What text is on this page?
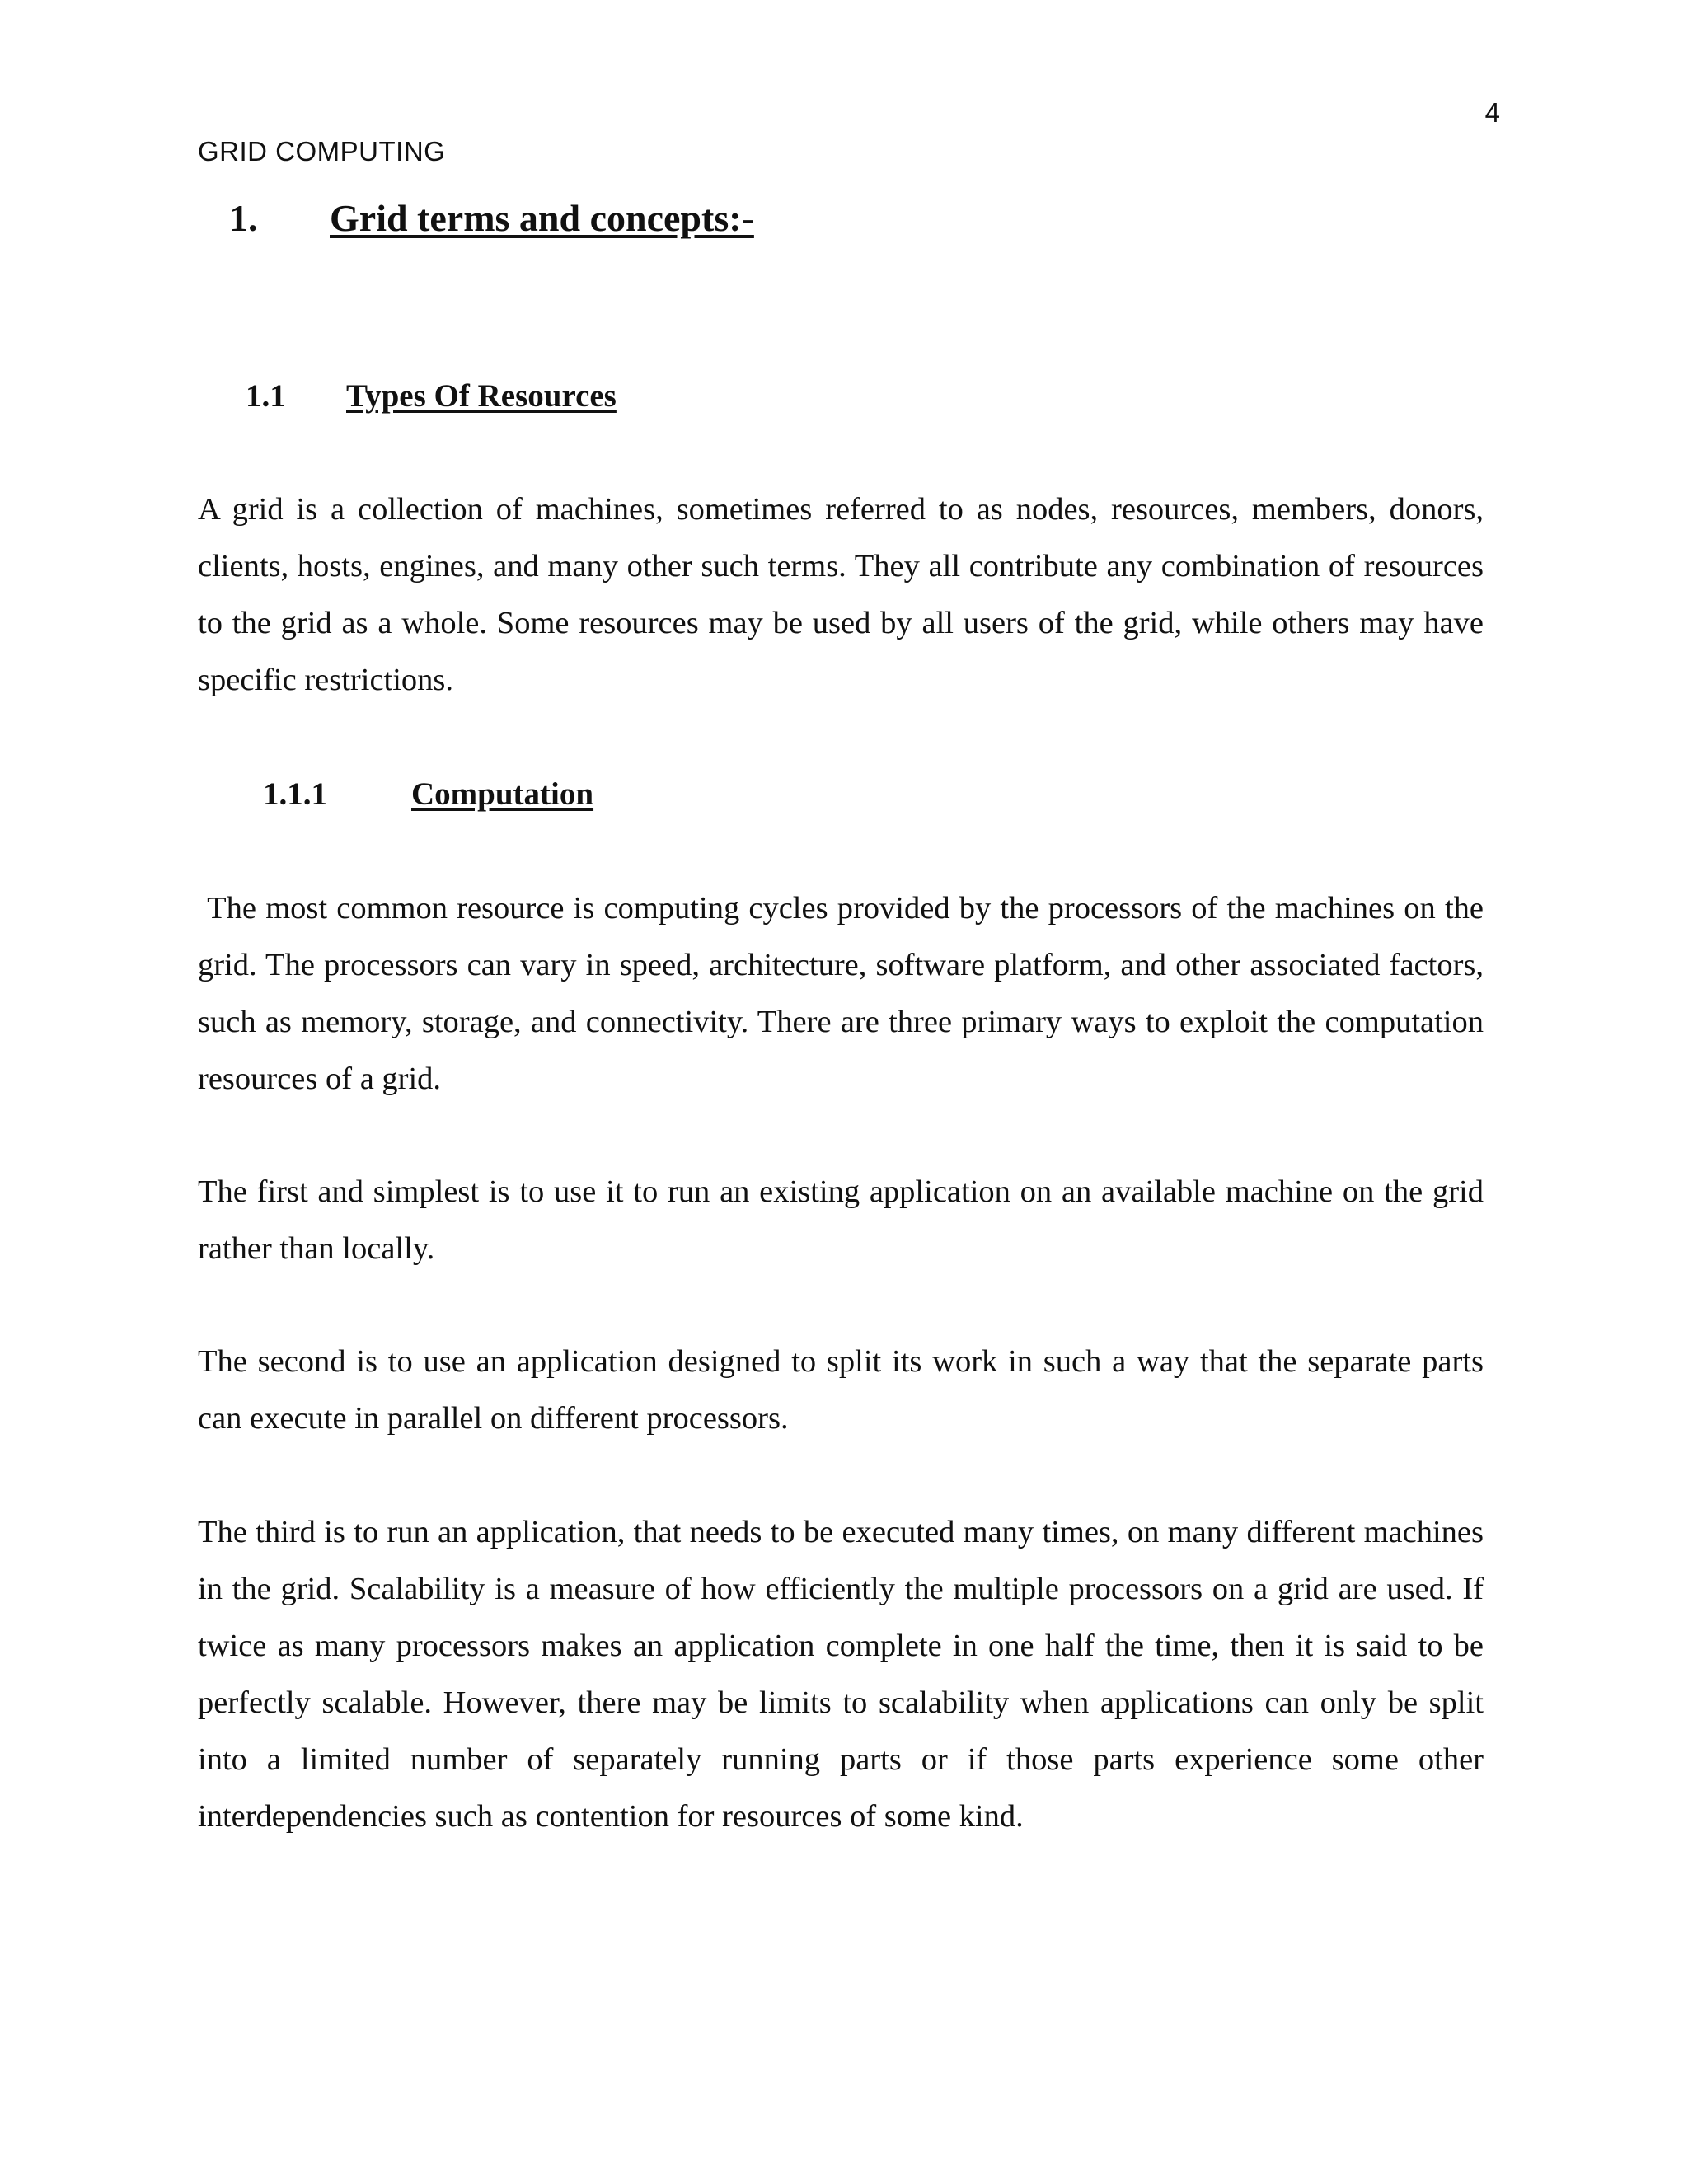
4
GRID COMPUTING
1. Grid terms and concepts:-
1.1 Types Of Resources

A grid is a collection of machines, sometimes referred to as nodes, resources, members, donors, clients, hosts, engines, and many other such terms. They all contribute any combination of resources to the grid as a whole. Some resources may be used by all users of the grid, while others may have specific restrictions.

1.1.1	Computation

The most common resource is computing cycles provided by the processors of the machines on the grid. The processors can vary in speed, architecture, software platform, and other associated factors, such as memory, storage, and connectivity. There are three primary ways to exploit the computation resources of a grid.

The first and simplest is to use it to run an existing application on an available machine on the grid rather than locally.

The second is to use an application designed to split its work in such a way that the separate parts can execute in parallel on different processors.

The third is to run an application, that needs to be executed many times, on many different machines in the grid. Scalability is a measure of how efficiently the multiple processors on a grid are used. If twice as many processors makes an application complete in one half the time, then it is said to be perfectly scalable. However, there may be limits to scalability when applications can only be split into a limited number of separately running parts or if those parts experience some other interdependencies such as contention for resources of some kind.
